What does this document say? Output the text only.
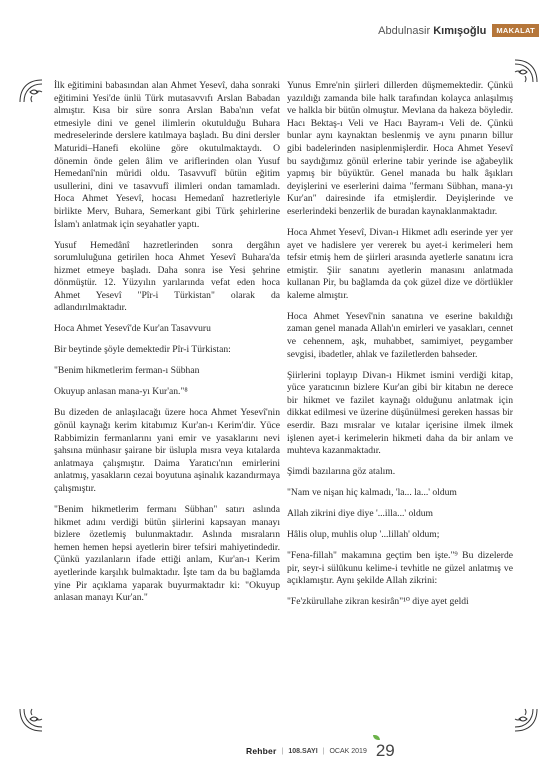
Abdulnasir Kımışoğlu	MAKALAT

İlk eğitimini babasından alan Ahmet Yesevî, daha sonraki eğitimini Yesi'de ünlü Türk mutasavvıfı Arslan Babadan almıştır. Kısa bir süre sonra Arslan Baba'nın vefat etmesiyle dini ve genel ilimlerin okutulduğu Buhara medreselerinde derslere katılmaya başladı. Bu dini dersler Maturidi–Hanefi ekolüne göre okutulmaktaydı. O dönemin önde gelen âlim ve ariflerinden olan Yusuf Hemedanî'nin müridi oldu. Tasavvufî bütün eğitim usullerini, dini ve tasavvufî ilimleri ondan tamamladı. Hoca Ahmet Yesevî, hocası Hemedanî hazretleriyle birlikte Merv, Buhara, Semerkant gibi Türk şehirlerine İslam'ı anlatmak için seyahatler yaptı.

Yusuf Hemedânî hazretlerinden sonra dergâhın sorumluluğuna getirilen hoca Ahmet Yesevî Buhara'da hizmet etmeye başladı. Daha sonra ise Yesi şehrine dönmüştür. 12. Yüzyılın yarılarında vefat eden hoca Ahmet Yesevî "Pîr-i Türkistan" olarak da adlandırılmaktadır.

Hoca Ahmet Yesevî'de Kur'an Tasavvuru

Bir beytinde şöyle demektedir Pîr-i Türkistan:

"Benim hikmetlerim ferman-ı Sübhan

Okuyup anlasan mana-yı Kur'an."⁸

Bu dizeden de anlaşılacağı üzere hoca Ahmet Yesevî'nin gönül kaynağı kerim kitabımız Kur'an-ı Kerim'dir. Yüce Rabbimizin fermanlarını yani emir ve yasaklarını nevi şahsına münhasır şairane bir üslupla mısra veya kıtalarda anlatmaya çalışmıştır. Daima Yaratıcı'nın emirlerini anlatmış, yasakların cezai boyutuna aşinalık kazandırmaya çalışmıştır.

"Benim hikmetlerim fermanı Sübhan" satırı aslında hikmet adını verdiği bütün şiirlerini kapsayan manayı bizlere özetlemiş bulunmaktadır. Aslında mısraların hemen hemen hepsi ayetlerin birer tefsiri mahiyetindedir. Çünkü yazılanların ifade ettiği anlam, Kur'an-ı Kerim ayetlerinde karşılık bulmaktadır. İşte tam da bu bağlamda yine Pir açıklama yaparak buyurmaktadır ki: "Okuyup anlasan manayı Kur'an."

Yunus Emre'nin şiirleri dillerden düşmemektedir. Çünkü yazıldığı zamanda bile halk tarafından kolayca anlaşılmış ve halkla bir bütün olmuştur. Mevlana da hakeza böyledir. Hacı Bektaş-ı Veli ve Hacı Bayram-ı Veli de. Çünkü bunlar aynı kaynaktan beslenmiş ve aynı pınarın billur gibi badelerinden nasiplenmişlerdir. Hoca Ahmet Yesevî bu saydığımız gönül erlerine tabir yerinde ise ağabeylik yapmış bir büyüktür. Genel manada bu halk âşıkları deyişlerini ve eserlerini daima "fermanı Sübhan, mana-yı Kur'an" dairesinde ifa etmişlerdir. Deyişlerinde ve eserlerindeki benzerlik de buradan kaynaklanmaktadır.

Hoca Ahmet Yesevî, Divan-ı Hikmet adlı eserinde yer yer ayet ve hadislere yer vererek bu ayet-i kerimeleri hem tefsir etmiş hem de şiirleri arasında ayetlerle sanatını icra etmiştir. Şiir sanatını ayetlerin manasını anlatmada kullanan Pir, bu bağlamda da çok güzel dize ve dörtlükler kaleme almıştır.

Hoca Ahmet Yesevî'nin sanatına ve eserine bakıldığı zaman genel manada Allah'ın emirleri ve yasakları, cennet ve cehennem, aşk, muhabbet, samimiyet, peygamber sevgisi, ibadetler, ahlak ve faziletlerden bahseder.

Şiirlerini toplayıp Divan-ı Hikmet ismini verdiği kitap, yüce yaratıcının bizlere Kur'an gibi bir kitabın ne derece bir hikmet ve fazilet kaynağı olduğunu anlatmak için dikkat edilmesi ve üzerine düşünülmesi gereken hassas bir eserdir. Bazı mısralar ve kıtalar içerisine ilmek ilmek işlenen ayet-i kerimelerin hikmeti daha da bir anlam ve muhteva kazanmaktadır.

Şimdi bazılarına göz atalım.

"Nam ve nişan hiç kalmadı, 'la... la...' oldum

Allah zikrini diye diye '...illa...' oldum

Hâlis olup, muhlis olup '...lillah' oldum;

"Fena-fillah" makamına geçtim ben işte."⁹ Bu dizelerde pir, seyr-i sülûkunu kelime-i tevhitle ne güzel anlatmış ve açıklamıştır. Aynı şekilde Allah zikrini:

"Fe'zkürullahe zikran kesirân"¹⁰ diye ayet geldi

Rehber | 108.SAYI | OCAK 2019 29
